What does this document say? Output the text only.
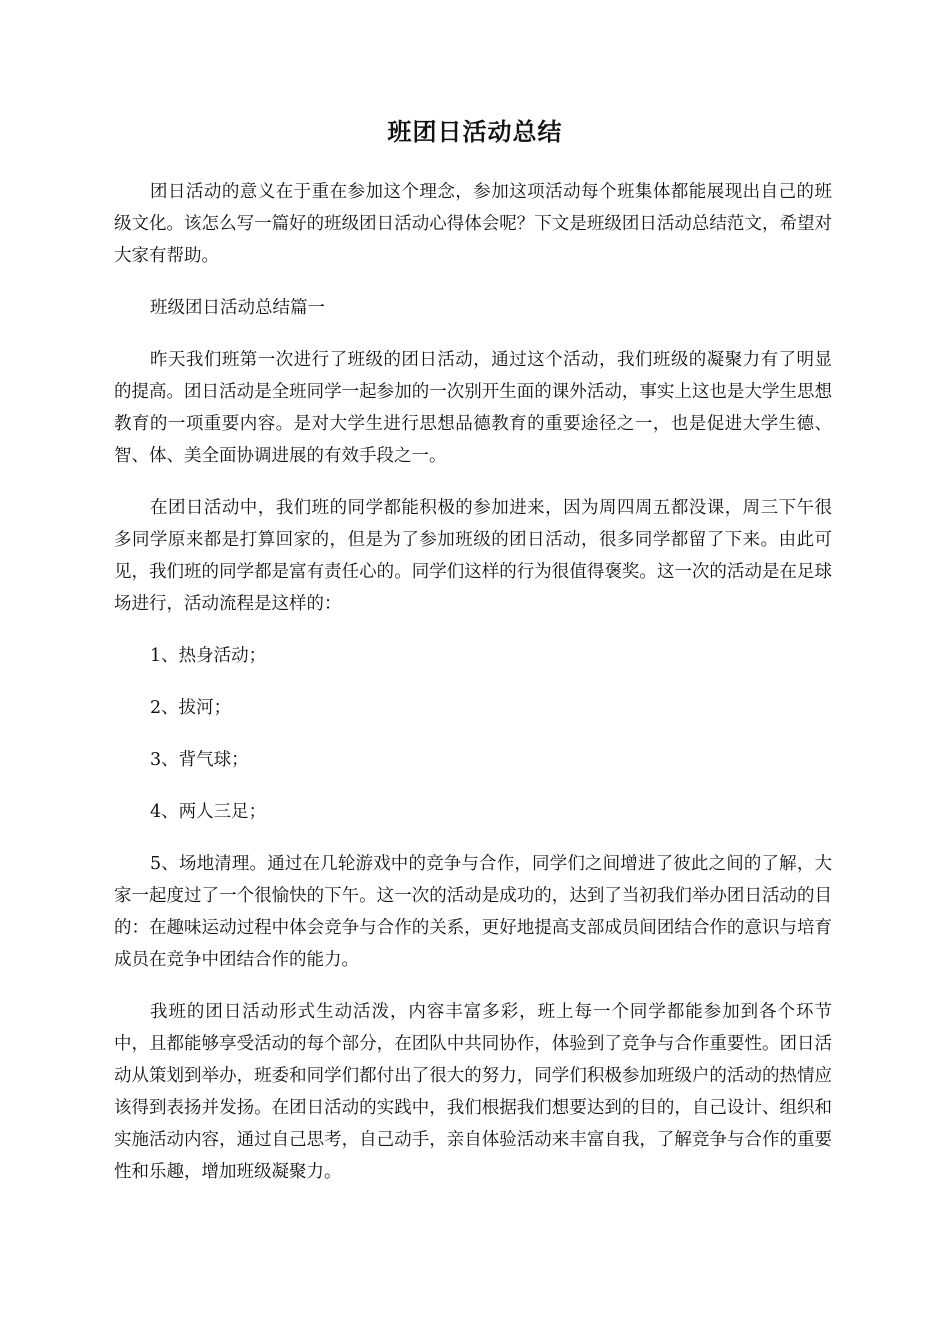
班团日活动总结

团日活动的意义在于重在参加这个理念，参加这项活动每个班集体都能展现出自己的班级文化。该怎么写一篇好的班级团日活动心得体会呢？下文是班级团日活动总结范文，希望对大家有帮助。

班级团日活动总结篇一

昨天我们班第一次进行了班级的团日活动，通过这个活动，我们班级的凝聚力有了明显的提高。团日活动是全班同学一起参加的一次别开生面的课外活动，事实上这也是大学生思想教育的一项重要内容。是对大学生进行思想品德教育的重要途径之一，也是促进大学生德、智、体、美全面协调进展的有效手段之一。

在团日活动中，我们班的同学都能积极的参加进来，因为周四周五都没课，周三下午很多同学原来都是打算回家的，但是为了参加班级的团日活动，很多同学都留了下来。由此可见，我们班的同学都是富有责任心的。同学们这样的行为很值得褒奖。这一次的活动是在足球场进行，活动流程是这样的：

1、热身活动；

2、拔河；

3、背气球；

4、两人三足；

5、场地清理。通过在几轮游戏中的竞争与合作，同学们之间增进了彼此之间的了解，大家一起度过了一个很愉快的下午。这一次的活动是成功的，达到了当初我们举办团日活动的目的：在趣味运动过程中体会竞争与合作的关系，更好地提高支部成员间团结合作的意识与培育成员在竞争中团结合作的能力。

我班的团日活动形式生动活泼，内容丰富多彩，班上每一个同学都能参加到各个环节中，且都能够享受活动的每个部分，在团队中共同协作，体验到了竞争与合作重要性。团日活动从策划到举办，班委和同学们都付出了很大的努力，同学们积极参加班级户的活动的热情应该得到表扬并发扬。在团日活动的实践中，我们根据我们想要达到的目的，自己设计、组织和实施活动内容，通过自己思考，自己动手，亲自体验活动来丰富自我，了解竞争与合作的重要性和乐趣，增加班级凝聚力。
